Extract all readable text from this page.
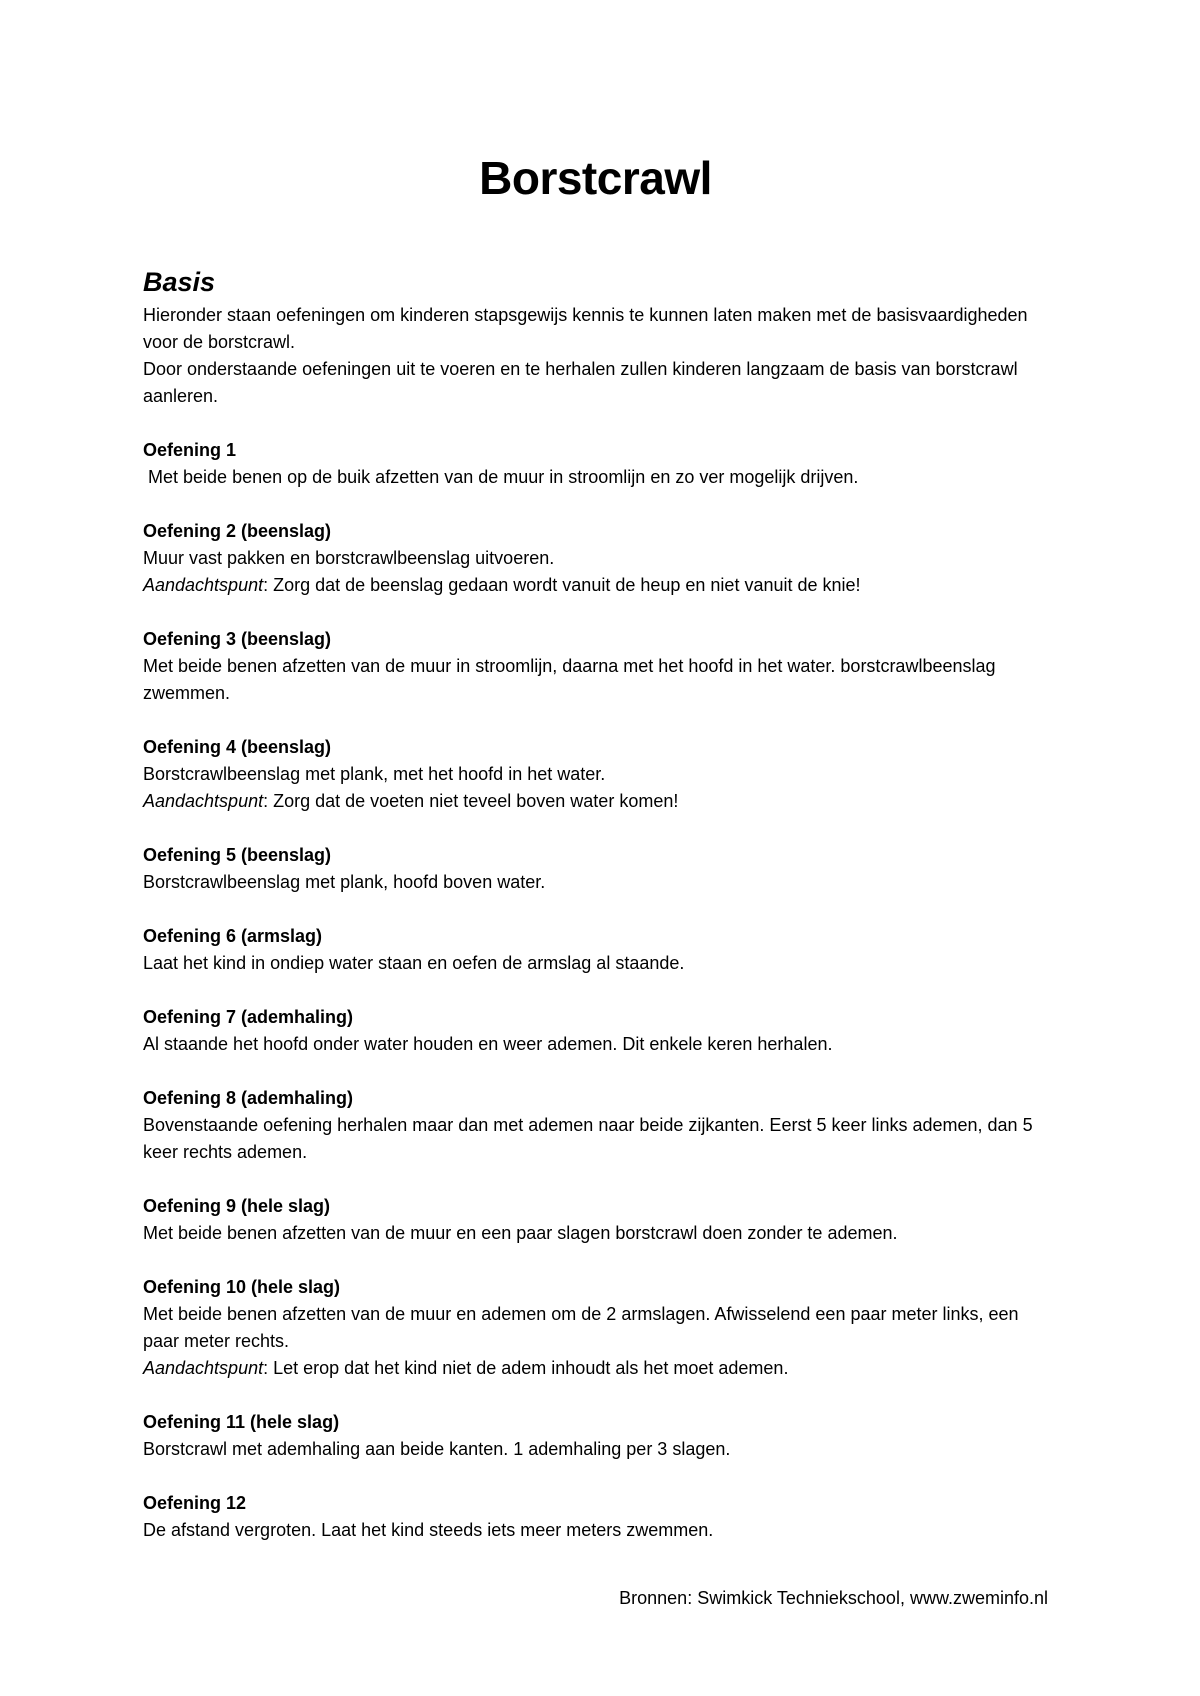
Borstcrawl
Basis

Hieronder staan oefeningen om kinderen stapsgewijs kennis te kunnen laten maken met de basisvaardigheden voor de borstcrawl.

Door onderstaande oefeningen uit te voeren en te herhalen zullen kinderen langzaam de basis van borstcrawl aanleren.

Oefening 1
Met beide benen op de buik afzetten van de muur in stroomlijn en zo ver mogelijk drijven.
Oefening 2 (beenslag)
Muur vast pakken en borstcrawlbeenslag uitvoeren.
Aandachtspunt: Zorg dat de beenslag gedaan wordt vanuit de heup en niet vanuit de knie!
Oefening 3 (beenslag)
Met beide benen afzetten van de muur in stroomlijn, daarna met het hoofd in het water. borstcrawlbeenslag zwemmen.
Oefening 4 (beenslag)
Borstcrawlbeenslag met plank, met het hoofd in het water.
Aandachtspunt: Zorg dat de voeten niet teveel boven water komen!
Oefening 5 (beenslag)
Borstcrawlbeenslag met plank, hoofd boven water.
Oefening 6 (armslag)
Laat het kind in ondiep water staan en oefen de armslag al staande.
Oefening 7 (ademhaling)
Al staande het hoofd onder water houden en weer ademen. Dit enkele keren herhalen.
Oefening 8 (ademhaling)
Bovenstaande oefening herhalen maar dan met ademen naar beide zijkanten. Eerst 5 keer links ademen, dan 5 keer rechts ademen.
Oefening 9 (hele slag)
Met beide benen afzetten van de muur en een paar slagen borstcrawl doen zonder te ademen.
Oefening 10 (hele slag)
Met beide benen afzetten van de muur en ademen om de 2 armslagen. Afwisselend een paar meter links, een paar meter rechts.
Aandachtspunt: Let erop dat het kind niet de adem inhoudt als het moet ademen.
Oefening 11 (hele slag)
Borstcrawl met ademhaling aan beide kanten. 1 ademhaling per 3 slagen.
Oefening 12
De afstand vergroten. Laat het kind steeds iets meer meters zwemmen.
Bronnen: Swimkick Techniekschool, www.zweminfo.nl
